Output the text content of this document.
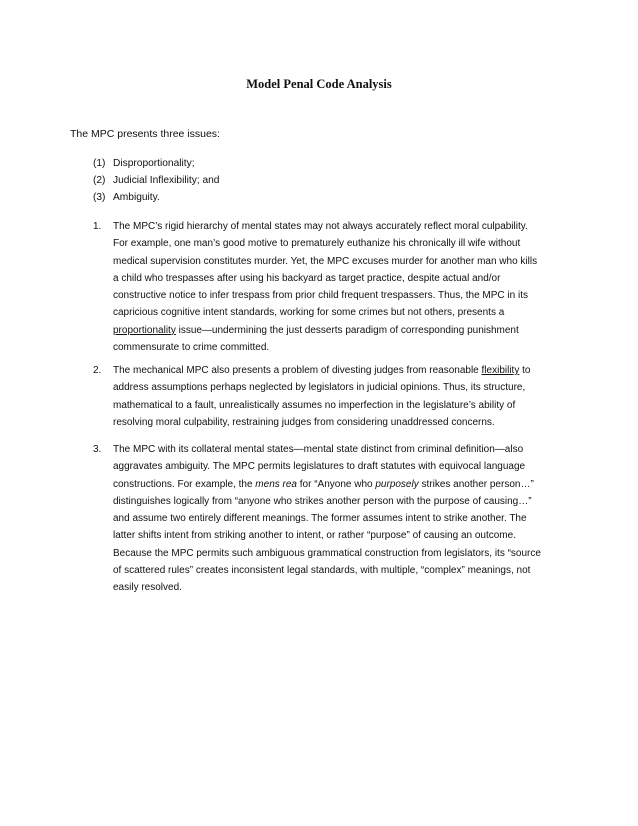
Model Penal Code Analysis
The MPC presents three issues:
(1) Disproportionality;
(2) Judicial Inflexibility; and
(3) Ambiguity.
1.	The MPC’s rigid hierarchy of mental states may not always accurately reflect moral culpability.
For example, one man’s good motive to prematurely euthanize his chronically ill wife without
medical supervision constitutes murder. Yet, the MPC excuses murder for another man who kills
a child who trespasses after using his backyard as target practice, despite actual and/or
constructive notice to infer trespass from prior child frequent trespassers. Thus, the MPC in its
capricious cognitive intent standards, working for some crimes but not others, presents a
proportionality issue—undermining the just desserts paradigm of corresponding punishment
commensurate to crime committed.
2.	The mechanical MPC also presents a problem of divesting judges from reasonable flexibility to
address assumptions perhaps neglected by legislators in judicial opinions. Thus, its structure,
mathematical to a fault, unrealistically assumes no imperfection in the legislature’s ability of
resolving moral culpability, restraining judges from considering unaddressed concerns.
3.	The MPC with its collateral mental states—mental state distinct from criminal definition—also
aggravates ambiguity. The MPC permits legislatures to draft statutes with equivocal language
constructions. For example, the mens rea for “Anyone who purposely strikes another person…”
distinguishes logically from “anyone who strikes another person with the purpose of causing…”
and assume two entirely different meanings. The former assumes intent to strike another. The
latter shifts intent from striking another to intent, or rather “purpose” of causing an outcome.
Because the MPC permits such ambiguous grammatical construction from legislators, its “source
of scattered rules” creates inconsistent legal standards, with multiple, “complex” meanings, not
easily resolved.
